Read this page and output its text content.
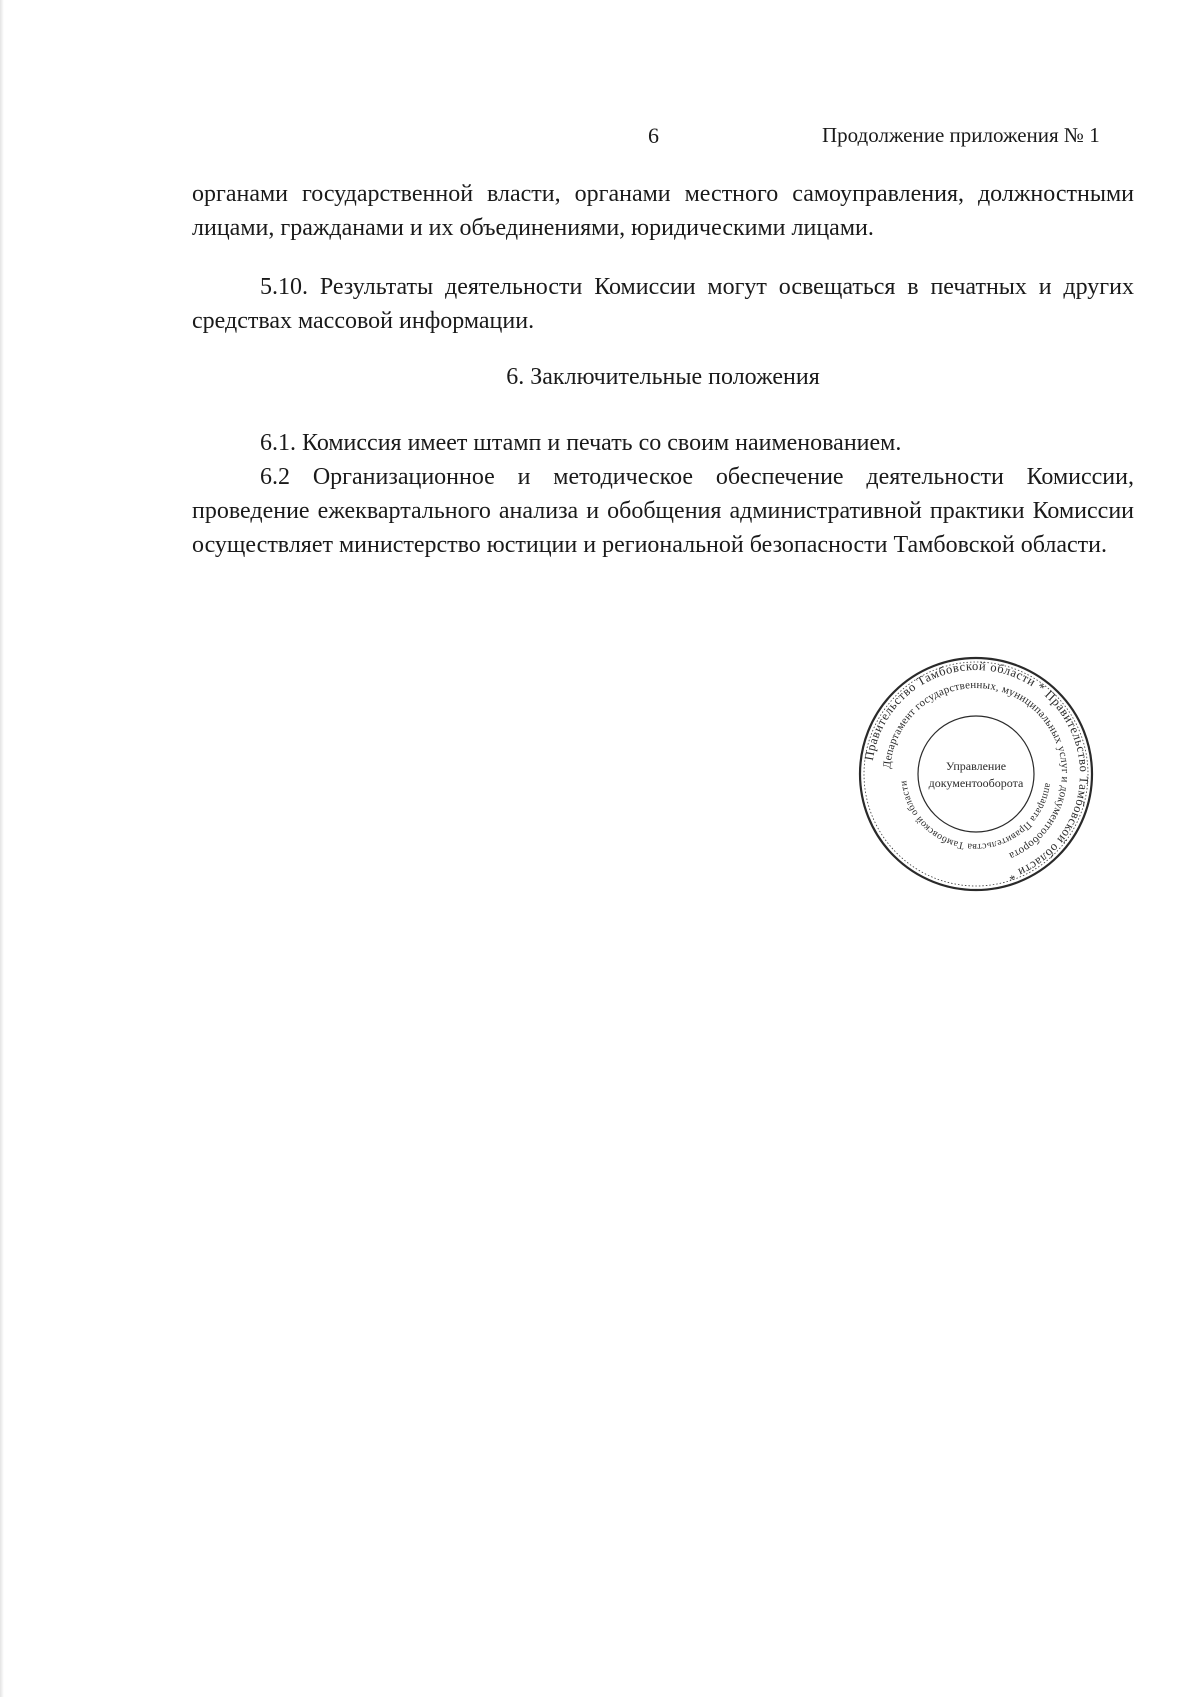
6	Продолжение приложения № 1

органами государственной власти, органами местного самоуправления, должностными лицами, гражданами и их объединениями, юридическими лицами.

5.10. Результаты деятельности Комиссии могут освещаться в печатных и других средствах массовой информации.

6. Заключительные положения

6.1. Комиссия имеет штамп и печать со своим наименованием.

6.2 Организационное и методическое обеспечение деятельности Комиссии, проведение ежеквартального анализа и обобщения административной практики Комиссии осуществляет министерство юстиции и региональной безопасности Тамбовской области.

Правительство Тамбовской области * Правительство Тамбовской области *
Департамент государственных, муниципальных услуг и документооборота
аппарата Правительства Тамбовской области
Управление
документооборота
